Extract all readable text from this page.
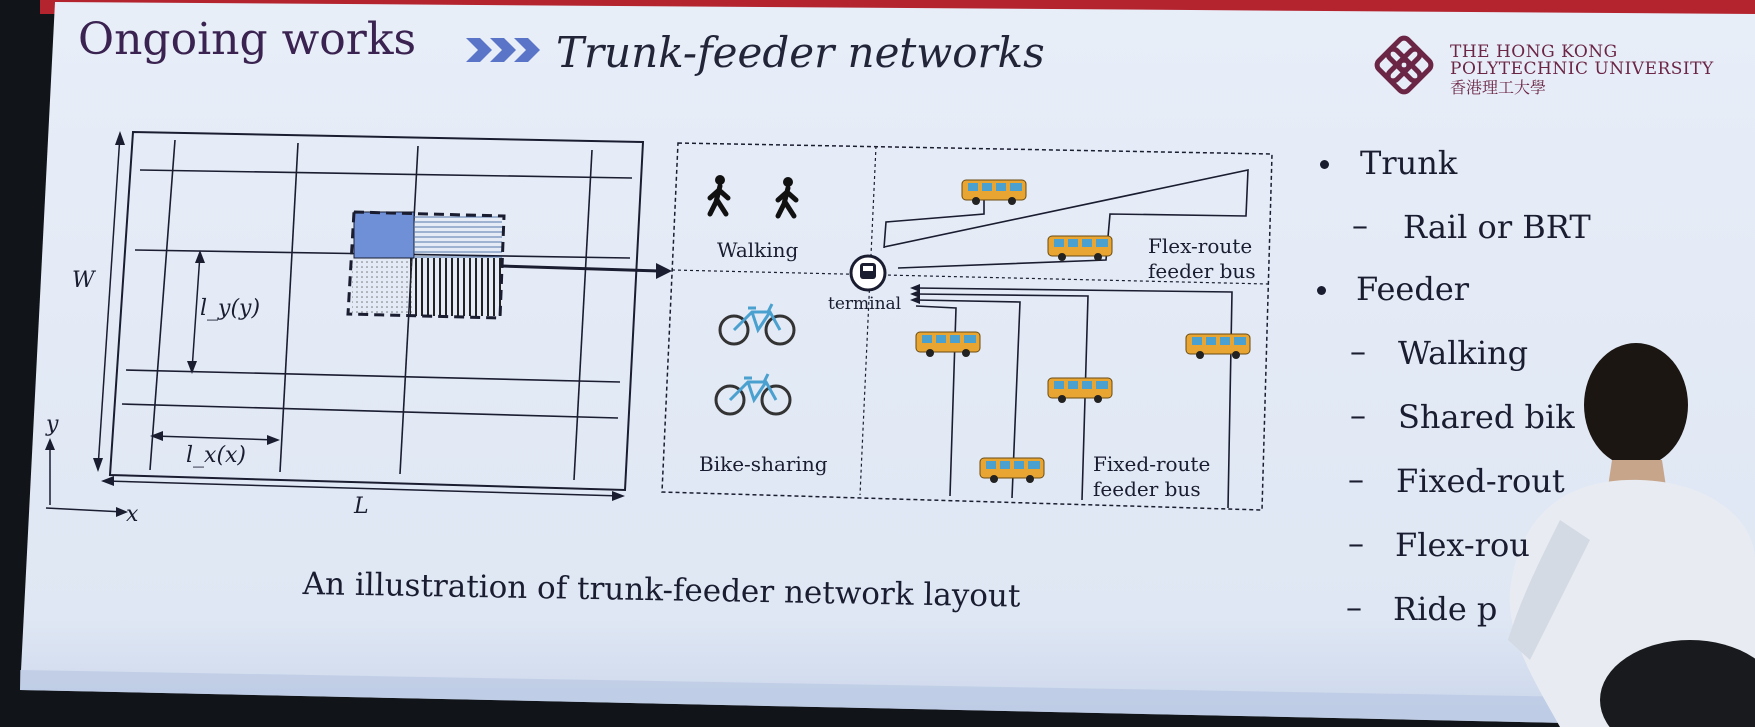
Ongoing works	Trunk-feeder networks	THE HONG KONG
POLYTECHNIC UNIVERSITY
香港理工大學
W
L
x
y
l_y(y)
l_x(x)
Walking
Bike-sharing
terminal
Flex-route
feeder bus
Fixed-route
feeder bus
An illustration of trunk-feeder network layout
Trunk
– Rail or BRT
Feeder
– Walking
– Shared bik
– Fixed-rout
– Flex-rou
– Ride p
